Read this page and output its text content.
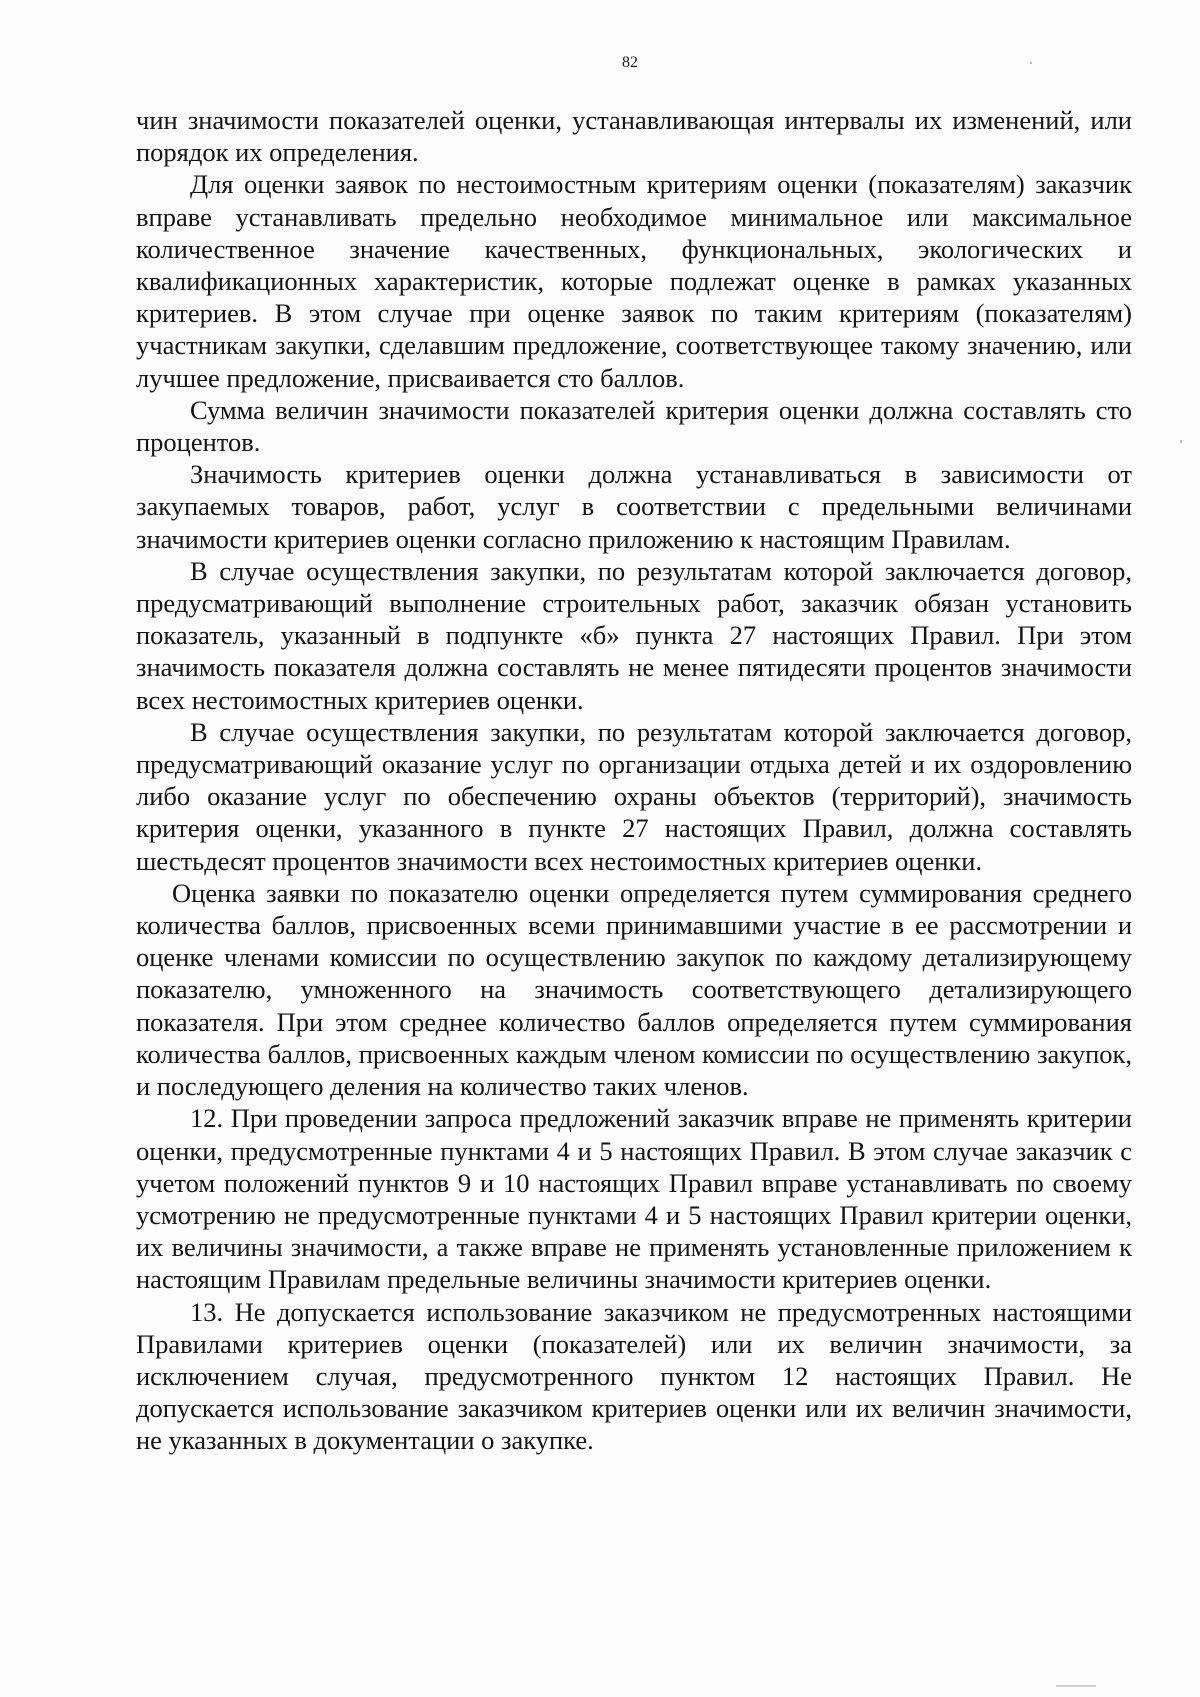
82

чин значимости показателей оценки, устанавливающая интервалы их изменений, или порядок их определения.

Для оценки заявок по нестоимостным критериям оценки (показателям) заказчик вправе устанавливать предельно необходимое минимальное или максимальное количественное значение качественных, функциональных, экологических и квалификационных характеристик, которые подлежат оценке в рамках указанных критериев. В этом случае при оценке заявок по таким критериям (показателям) участникам закупки, сделавшим предложение, соответствующее такому значению, или лучшее предложение, присваивается сто баллов.

Сумма величин значимости показателей критерия оценки должна составлять сто процентов.

Значимость критериев оценки должна устанавливаться в зависимости от закупаемых товаров, работ, услуг в соответствии с предельными величинами значимости критериев оценки согласно приложению к настоящим Правилам.

В случае осуществления закупки, по результатам которой заключается договор, предусматривающий выполнение строительных работ, заказчик обязан установить показатель, указанный в подпункте «б» пункта 27 настоящих Правил. При этом значимость показателя должна составлять не менее пятидесяти процентов значимости всех нестоимостных критериев оценки.

В случае осуществления закупки, по результатам которой заключается договор, предусматривающий оказание услуг по организации отдыха детей и их оздоровлению либо оказание услуг по обеспечению охраны объектов (территорий), значимость критерия оценки, указанного в пункте 27 настоящих Правил, должна составлять шестьдесят процентов значимости всех нестоимостных критериев оценки.

Оценка заявки по показателю оценки определяется путем суммирования среднего количества баллов, присвоенных всеми принимавшими участие в ее рассмотрении и оценке членами комиссии по осуществлению закупок по каждому детализирующему показателю, умноженного на значимость соответствующего детализирующего показателя. При этом среднее количество баллов определяется путем суммирования количества баллов, присвоенных каждым членом комиссии по осуществлению закупок, и последующего деления на количество таких членов.

12. При проведении запроса предложений заказчик вправе не применять критерии оценки, предусмотренные пунктами 4 и 5 настоящих Правил. В этом случае заказчик с учетом положений пунктов 9 и 10 настоящих Правил вправе устанавливать по своему усмотрению не предусмотренные пунктами 4 и 5 настоящих Правил критерии оценки, их величины значимости, а также вправе не применять установленные приложением к настоящим Правилам предельные величины значимости критериев оценки.

13. Не допускается использование заказчиком не предусмотренных настоящими Правилами критериев оценки (показателей) или их величин значимости, за исключением случая, предусмотренного пунктом 12 настоящих Правил. Не допускается использование заказчиком критериев оценки или их величин значимости, не указанных в документации о закупке.
